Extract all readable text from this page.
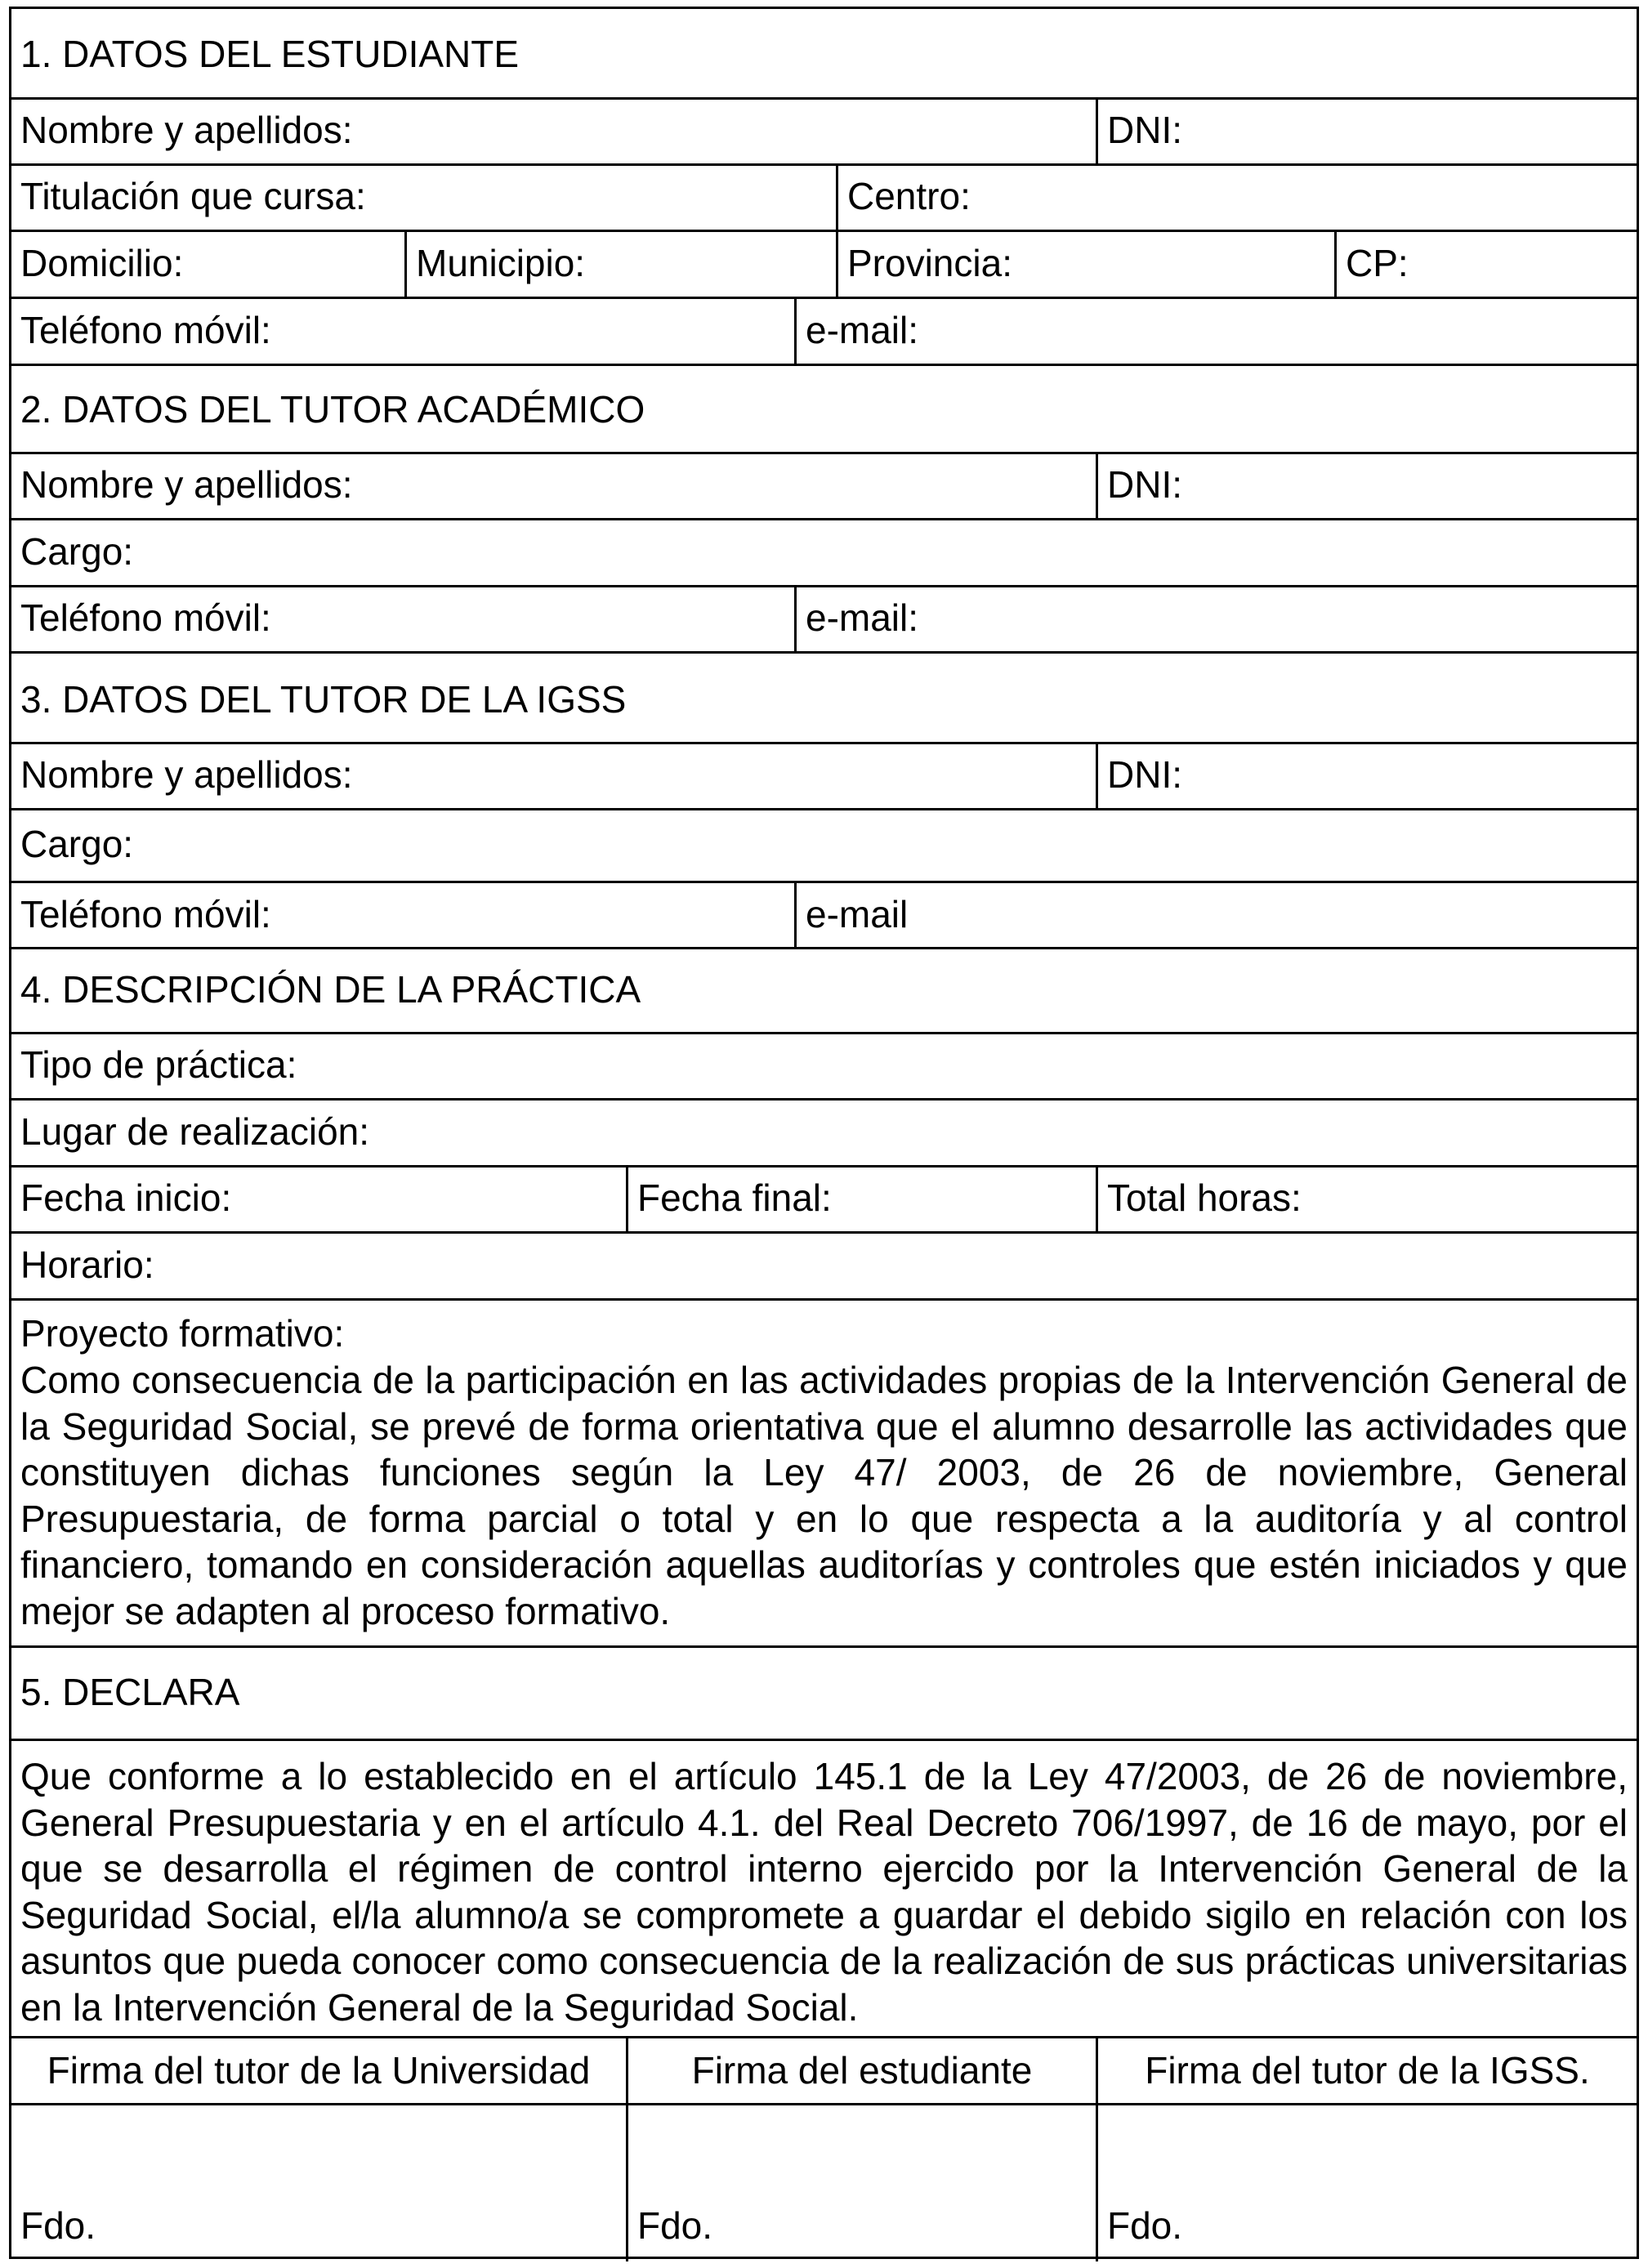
1. DATOS DEL ESTUDIANTE
Nombre y apellidos:	DNI:
Titulación que cursa:	Centro:
Domicilio:	Municipio:	Provincia:	CP:
Teléfono móvil:	e-mail:
2. DATOS DEL TUTOR ACADÉMICO
Nombre y apellidos:	DNI:
Cargo:
Teléfono móvil:	e-mail:
3. DATOS DEL TUTOR DE LA IGSS
Nombre y apellidos:	DNI:
Cargo:
Teléfono móvil:	e-mail
4. DESCRIPCIÓN DE LA PRÁCTICA
Tipo de práctica:
Lugar de realización:
Fecha inicio:	Fecha final:	Total horas:
Horario:
Proyecto formativo:
Como consecuencia de la participación en las actividades propias de la Intervención General de la Seguridad Social, se prevé de forma orientativa que el alumno desarrolle las actividades que constituyen dichas funciones según la Ley 47/ 2003, de 26 de noviembre, General Presupuestaria, de forma parcial o total y en lo que respecta a la auditoría y al control financiero, tomando en consideración aquellas auditorías y controles que estén iniciados y que mejor se adapten al proceso formativo.
5. DECLARA
Que conforme a lo establecido en el artículo 145.1 de la Ley 47/2003, de 26 de noviembre, General Presupuestaria y en el artículo 4.1. del Real Decreto 706/1997, de 16 de mayo, por el que se desarrolla el régimen de control interno ejercido por la Intervención General de la Seguridad Social, el/la alumno/a se compromete a guardar el debido sigilo en relación con los asuntos que pueda conocer como consecuencia de la realización de sus prácticas universitarias en la Intervención General de la Seguridad Social.
Firma del tutor de la Universidad	Firma del estudiante	Firma del tutor de la IGSS.
Fdo.	Fdo.	Fdo.
